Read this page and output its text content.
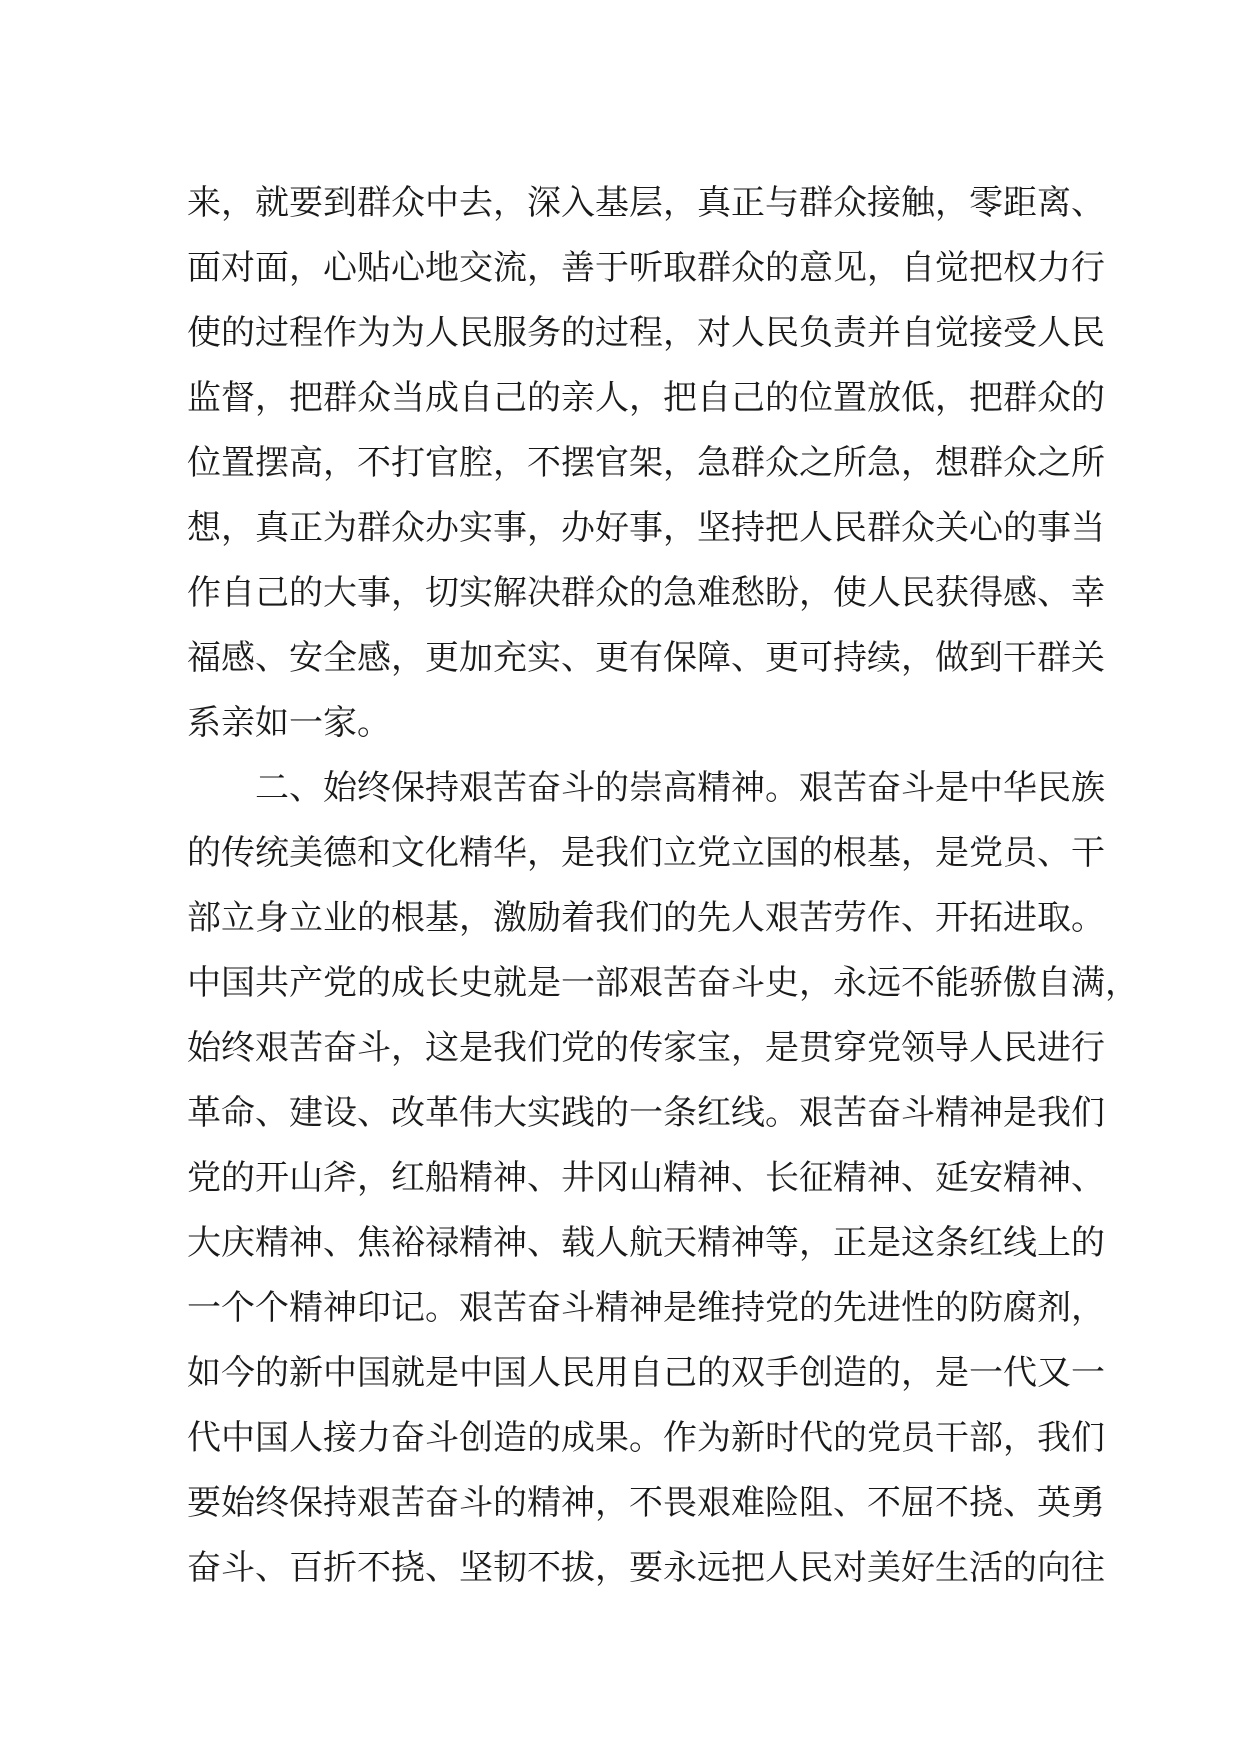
来，就要到群众中去，深入基层，真正与群众接触，零距离、
面对面，心贴心地交流，善于听取群众的意见，自觉把权力行
使的过程作为为人民服务的过程，对人民负责并自觉接受人民
监督，把群众当成自己的亲人，把自己的位置放低，把群众的
位置摆高，不打官腔，不摆官架，急群众之所急，想群众之所
想，真正为群众办实事，办好事，坚持把人民群众关心的事当
作自己的大事，切实解决群众的急难愁盼，使人民获得感、幸
福感、安全感，更加充实、更有保障、更可持续，做到干群关
系亲如一家。
　　二、始终保持艰苦奋斗的崇高精神。艰苦奋斗是中华民族
的传统美德和文化精华，是我们立党立国的根基，是党员、干
部立身立业的根基，激励着我们的先人艰苦劳作、开拓进取。
中国共产党的成长史就是一部艰苦奋斗史，永远不能骄傲自满，
始终艰苦奋斗，这是我们党的传家宝，是贯穿党领导人民进行
革命、建设、改革伟大实践的一条红线。艰苦奋斗精神是我们
党的开山斧，红船精神、井冈山精神、长征精神、延安精神、
大庆精神、焦裕禄精神、载人航天精神等，正是这条红线上的
一个个精神印记。艰苦奋斗精神是维持党的先进性的防腐剂，
如今的新中国就是中国人民用自己的双手创造的，是一代又一
代中国人接力奋斗创造的成果。作为新时代的党员干部，我们
要始终保持艰苦奋斗的精神，不畏艰难险阻、不屈不挠、英勇
奋斗、百折不挠、坚韧不拔，要永远把人民对美好生活的向往
